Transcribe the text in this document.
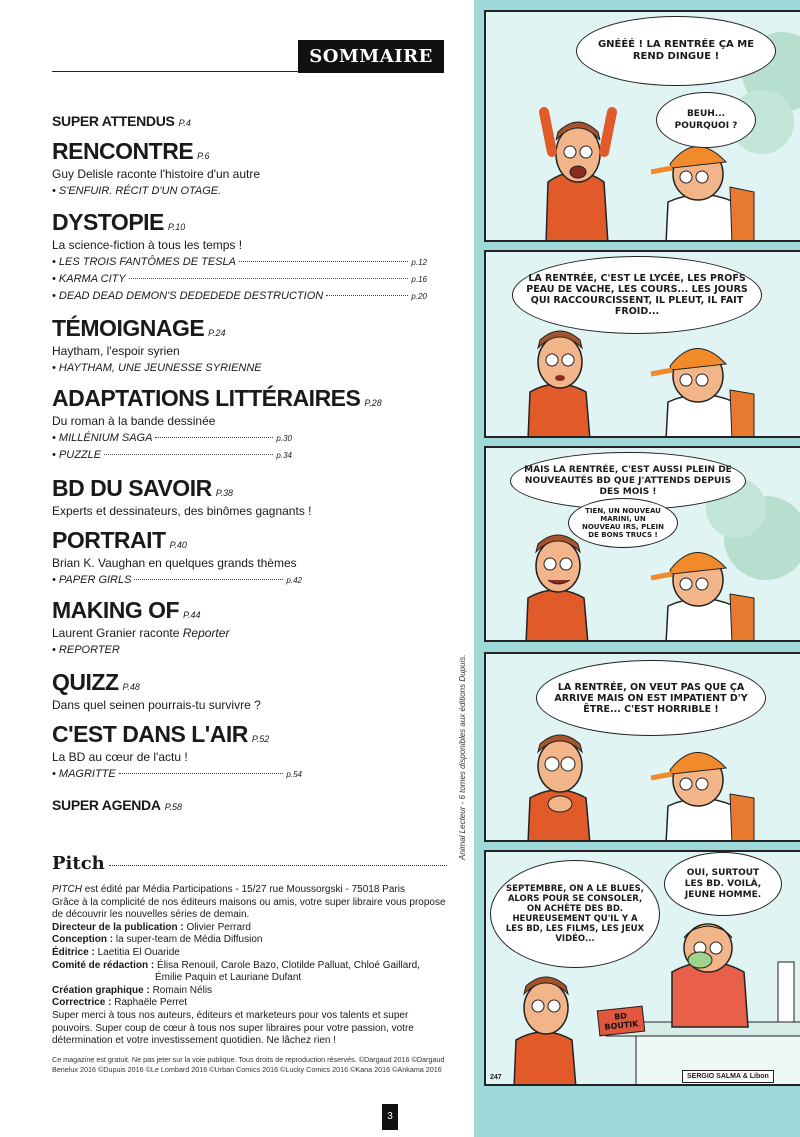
SOMMAIRE
SUPER ATTENDUS P.4
RENCONTRE P.6
Guy Delisle raconte l'histoire d'un autre
• S'ENFUIR. RÉCIT D'UN OTAGE.
DYSTOPIE P.10
La science-fiction à tous les temps !
• LES TROIS FANTÔMES DE TESLA	p.12
• KARMA CITY	p.16
• DEAD DEAD DEMON'S DEDEDEDE DESTRUCTION	p.20
TÉMOIGNAGE P.24
Haytham, l'espoir syrien
• HAYTHAM, UNE JEUNESSE SYRIENNE
ADAPTATIONS LITTÉRAIRES P.28
Du roman à la bande dessinée
• MILLÉNIUM SAGA	p.30
• PUZZLE	p.34
BD DU SAVOIR P.38
Experts et dessinateurs, des binômes gagnants !
PORTRAIT P.40
Brian K. Vaughan en quelques grands thèmes
• PAPER GIRLS	p.42
MAKING OF P.44
Laurent Granier raconte Reporter
• REPORTER
QUIZZ P.48
Dans quel seinen pourrais-tu survivre ?
C'EST DANS L'AIR P.52
La BD au cœur de l'actu !
• MAGRITTE	p.54
SUPER AGENDA P.58
Pitch
PITCH est édité par Média Participations - 15/27 rue Moussorgski - 75018 Paris
Grâce à la complicité de nos éditeurs maisons ou amis, votre super libraire vous propose de découvrir les nouvelles séries de demain.
Directeur de la publication : Olivier Perrard
Conception : la super-team de Média Diffusion
Éditrice : Laetitia El Ouaride
Comité de rédaction : Élisa Renouil, Carole Bazo, Clotilde Palluat, Chloé Gaillard,
Émilie Paquin et Lauriane Dufant
Création graphique : Romain Nélis
Correctrice : Raphaële Perret
Super merci à tous nos auteurs, éditeurs et marketeurs pour vos talents et super pouvoirs. Super coup de cœur à tous nos super libraires pour votre passion, votre détermination et votre investissement quotidien. Ne lâchez rien !
Ce magazine est gratuit. Ne pas jeter sur la voie publique. Tous droits de reproduction réservés. ©Dargaud 2016 ©Dargaud Benelux 2016 ©Dupuis 2016 ©Le Lombard 2016 ©Urban Comics 2016 ©Lucky Comics 2016 ©Kana 2016 ©Ankama 2016
3
Animal Lecteur - 6 tomes disponibles aux éditions Dupuis.
GNÉÉÉ ! LA RENTRÉE ÇA ME REND DINGUE !
BEUH... POURQUOI ?
LA RENTRÉE, C'EST LE LYCÉE, LES PROFS PEAU DE VACHE, LES COURS... LES JOURS QUI RACCOURCISSENT, IL PLEUT, IL FAIT FROID...
MAIS LA RENTRÉE, C'EST AUSSI PLEIN DE NOUVEAUTÉS BD QUE J'ATTENDS DEPUIS DES MOIS !
TIEN, UN NOUVEAU MARINI, UN NOUVEAU IRS, PLEIN DE BONS TRUCS !
LA RENTRÉE, ON VEUT PAS QUE ÇA ARRIVE MAIS ON EST IMPATIENT D'Y ÊTRE... C'EST HORRIBLE !
SEPTEMBRE, ON A LE BLUES, ALORS POUR SE CONSOLER, ON ACHÈTE DES BD. HEUREUSEMENT QU'IL Y A LES BD, LES FILMS, LES JEUX VIDÉO...
OUI, SURTOUT LES BD. VOILÀ, JEUNE HOMME.
BD BOUTIK
247	SERGIO SALMA & Libon
